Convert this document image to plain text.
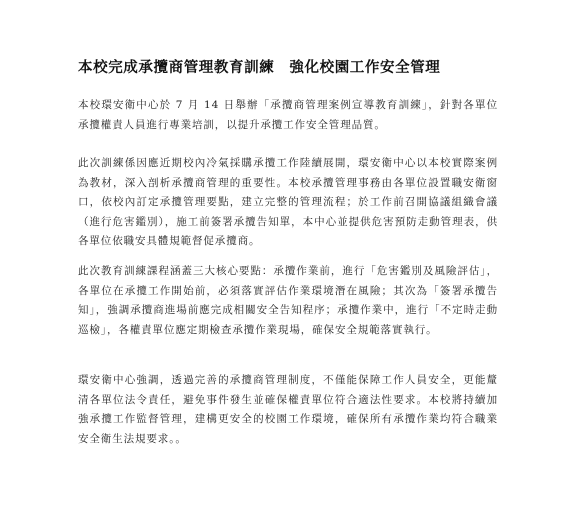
本校完成承攬商管理教育訓練　強化校園工作安全管理

本校環安衛中心於 7 月 14 日舉辦「承攬商管理案例宣導教育訓練」，針對各單位承攬權責人員進行專業培訓，以提升承攬工作安全管理品質。

此次訓練係因應近期校內冷氣採購承攬工作陸續展開，環安衛中心以本校實際案例為教材，深入剖析承攬商管理的重要性。本校承攬管理事務由各單位設置職安衛窗口，依校內訂定承攬管理要點，建立完整的管理流程；於工作前召開協議組織會議（進行危害鑑別），施工前簽署承攬告知單，本中心並提供危害預防走動管理表，供各單位依職安具體規範督促承攬商。

此次教育訓練課程涵蓋三大核心要點：承攬作業前，進行「危害鑑別及風險評估」，各單位在承攬工作開始前，必須落實評估作業環境潛在風險；其次為「簽署承攬告知」，強調承攬商進場前應完成相關安全告知程序；承攬作業中，進行「不定時走動巡檢」，各權責單位應定期檢查承攬作業現場，確保安全規範落實執行。

環安衛中心強調，透過完善的承攬商管理制度，不僅能保障工作人員安全，更能釐清各單位法令責任，避免事件發生並確保權責單位符合適法性要求。本校將持續加強承攬工作監督管理，建構更安全的校園工作環境，確保所有承攬作業均符合職業安全衛生法規要求。。
